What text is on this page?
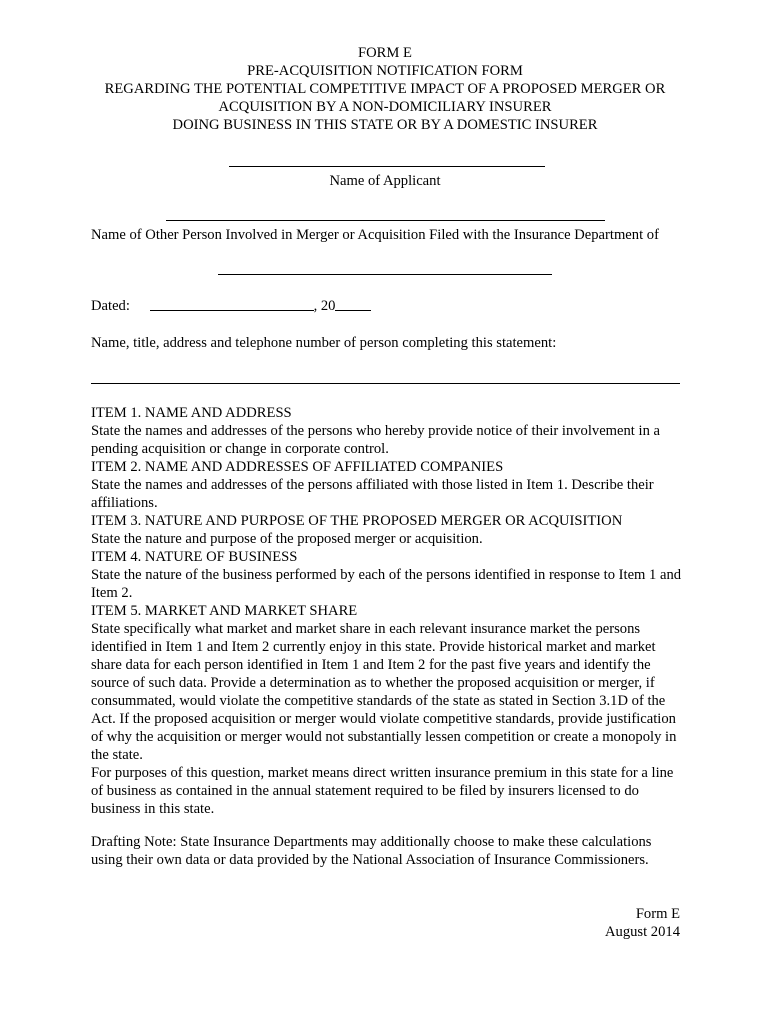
FORM E
PRE-ACQUISITION NOTIFICATION FORM
REGARDING THE POTENTIAL COMPETITIVE IMPACT OF A PROPOSED MERGER OR
ACQUISITION BY A NON-DOMICILIARY INSURER
DOING BUSINESS IN THIS STATE OR BY A DOMESTIC INSURER
Name of Applicant
Name of Other Person Involved in Merger or Acquisition Filed with the Insurance Department of
Dated:	, 20
Name, title, address and telephone number of person completing this statement:
ITEM 1. NAME AND ADDRESS
State the names and addresses of the persons who hereby provide notice of their involvement in a pending acquisition or change in corporate control.
ITEM 2. NAME AND ADDRESSES OF AFFILIATED COMPANIES
State the names and addresses of the persons affiliated with those listed in Item 1. Describe their affiliations.
ITEM 3. NATURE AND PURPOSE OF THE PROPOSED MERGER OR ACQUISITION
State the nature and purpose of the proposed merger or acquisition.
ITEM 4. NATURE OF BUSINESS
State the nature of the business performed by each of the persons identified in response to Item 1 and Item 2.
ITEM 5. MARKET AND MARKET SHARE
State specifically what market and market share in each relevant insurance market the persons identified in Item 1 and Item 2 currently enjoy in this state. Provide historical market and market share data for each person identified in Item 1 and Item 2 for the past five years and identify the source of such data. Provide a determination as to whether the proposed acquisition or merger, if consummated, would violate the competitive standards of the state as stated in Section 3.1D of the Act. If the proposed acquisition or merger would violate competitive standards, provide justification of why the acquisition or merger would not substantially lessen competition or create a monopoly in the state.
For purposes of this question, market means direct written insurance premium in this state for a line of business as contained in the annual statement required to be filed by insurers licensed to do business in this state.
Drafting Note: State Insurance Departments may additionally choose to make these calculations using their own data or data provided by the National Association of Insurance Commissioners.
Form E
August 2014
